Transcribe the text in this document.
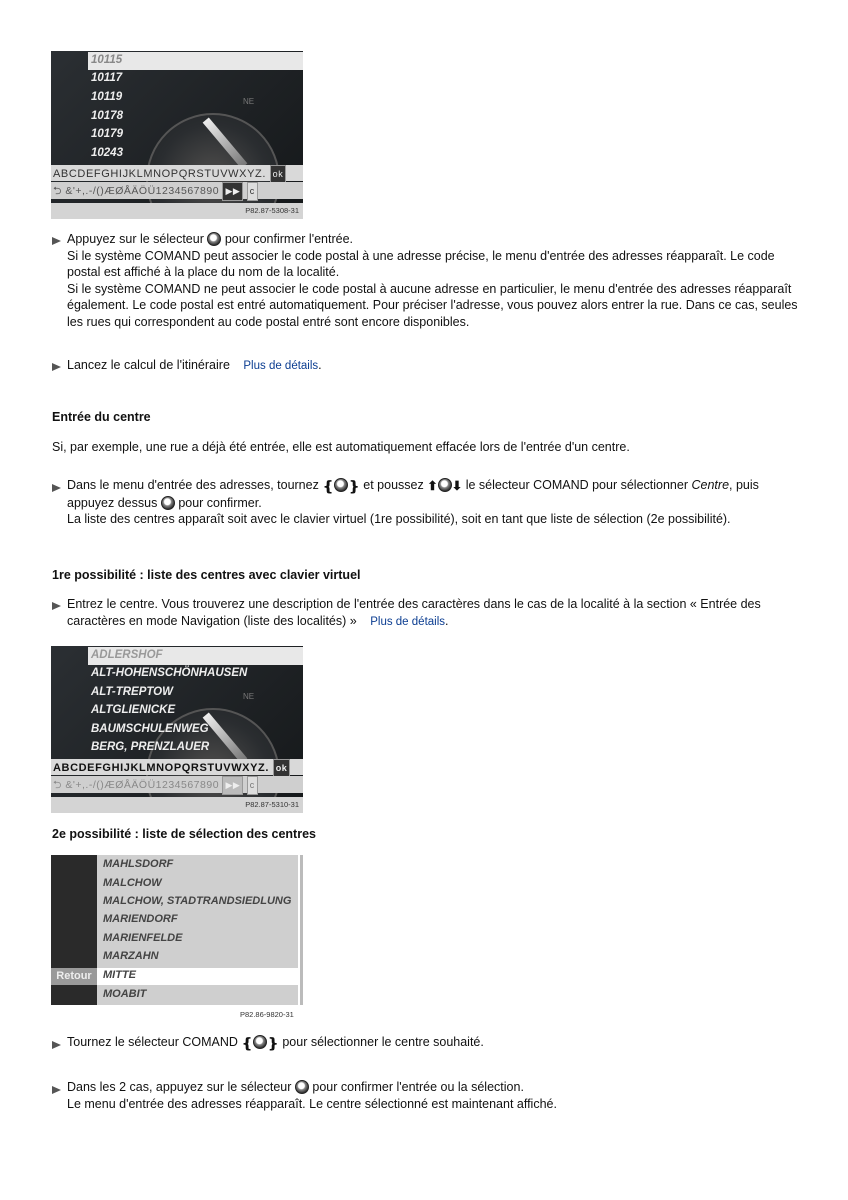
NE
10115
10117
10119
10178
10179
10243
ABCDEFGHIJKLMNOPQRSTUVWXYZ. ok
⮌ &'+,.-/()ÆØÅÄÖÜ1234567890 ▶▶ c
P82.87-5308-31
Appuyez sur le sélecteur pour confirmer l'entrée.
Si le système COMAND peut associer le code postal à une adresse précise, le menu d'entrée des adresses réapparaît. Le code postal est affiché à la place du nom de la localité.
Si le système COMAND ne peut associer le code postal à aucune adresse en particulier, le menu d'entrée des adresses réapparaît également. Le code postal est entré automatiquement. Pour préciser l'adresse, vous pouvez alors entrer la rue. Dans ce cas, seules les rues qui correspondent au code postal entré sont encore disponibles.
Lancez le calcul de l'itinéraire Plus de détails.
Entrée du centre
Si, par exemple, une rue a déjà été entrée, elle est automatiquement effacée lors de l'entrée d'un centre.
Dans le menu d'entrée des adresses, tournez ❴ ❵ et poussez ⬆ ⬇ le sélecteur COMAND pour sélectionner Centre, puis
appuyez dessus pour confirmer.
La liste des centres apparaît soit avec le clavier virtuel (1re possibilité), soit en tant que liste de sélection (2e possibilité).
1re possibilité : liste des centres avec clavier virtuel
Entrez le centre. Vous trouverez une description de l'entrée des caractères dans le cas de la localité à la section « Entrée des
caractères en mode Navigation (liste des localités) » Plus de détails.
NE
ADLERSHOF
ALT-HOHENSCHÖNHAUSEN
ALT-TREPTOW
ALTGLIENICKE
BAUMSCHULENWEG
BERG, PRENZLAUER
ABCDEFGHIJKLMNOPQRSTUVWXYZ. ok
⮌ &'+,.-/()ÆØÅÄÖÜ1234567890 ▶▶ c
P82.87-5310-31
2e possibilité : liste de sélection des centres
Retour
MAHLSDORF
MALCHOW
MALCHOW, STADTRANDSIEDLUNG
MARIENDORF
MARIENFELDE
MARZAHN
MITTE
MOABIT
P82.86-9820-31
Tournez le sélecteur COMAND ❴ ❵ pour sélectionner le centre souhaité.
Dans les 2 cas, appuyez sur le sélecteur pour confirmer l'entrée ou la sélection.
Le menu d'entrée des adresses réapparaît. Le centre sélectionné est maintenant affiché.
